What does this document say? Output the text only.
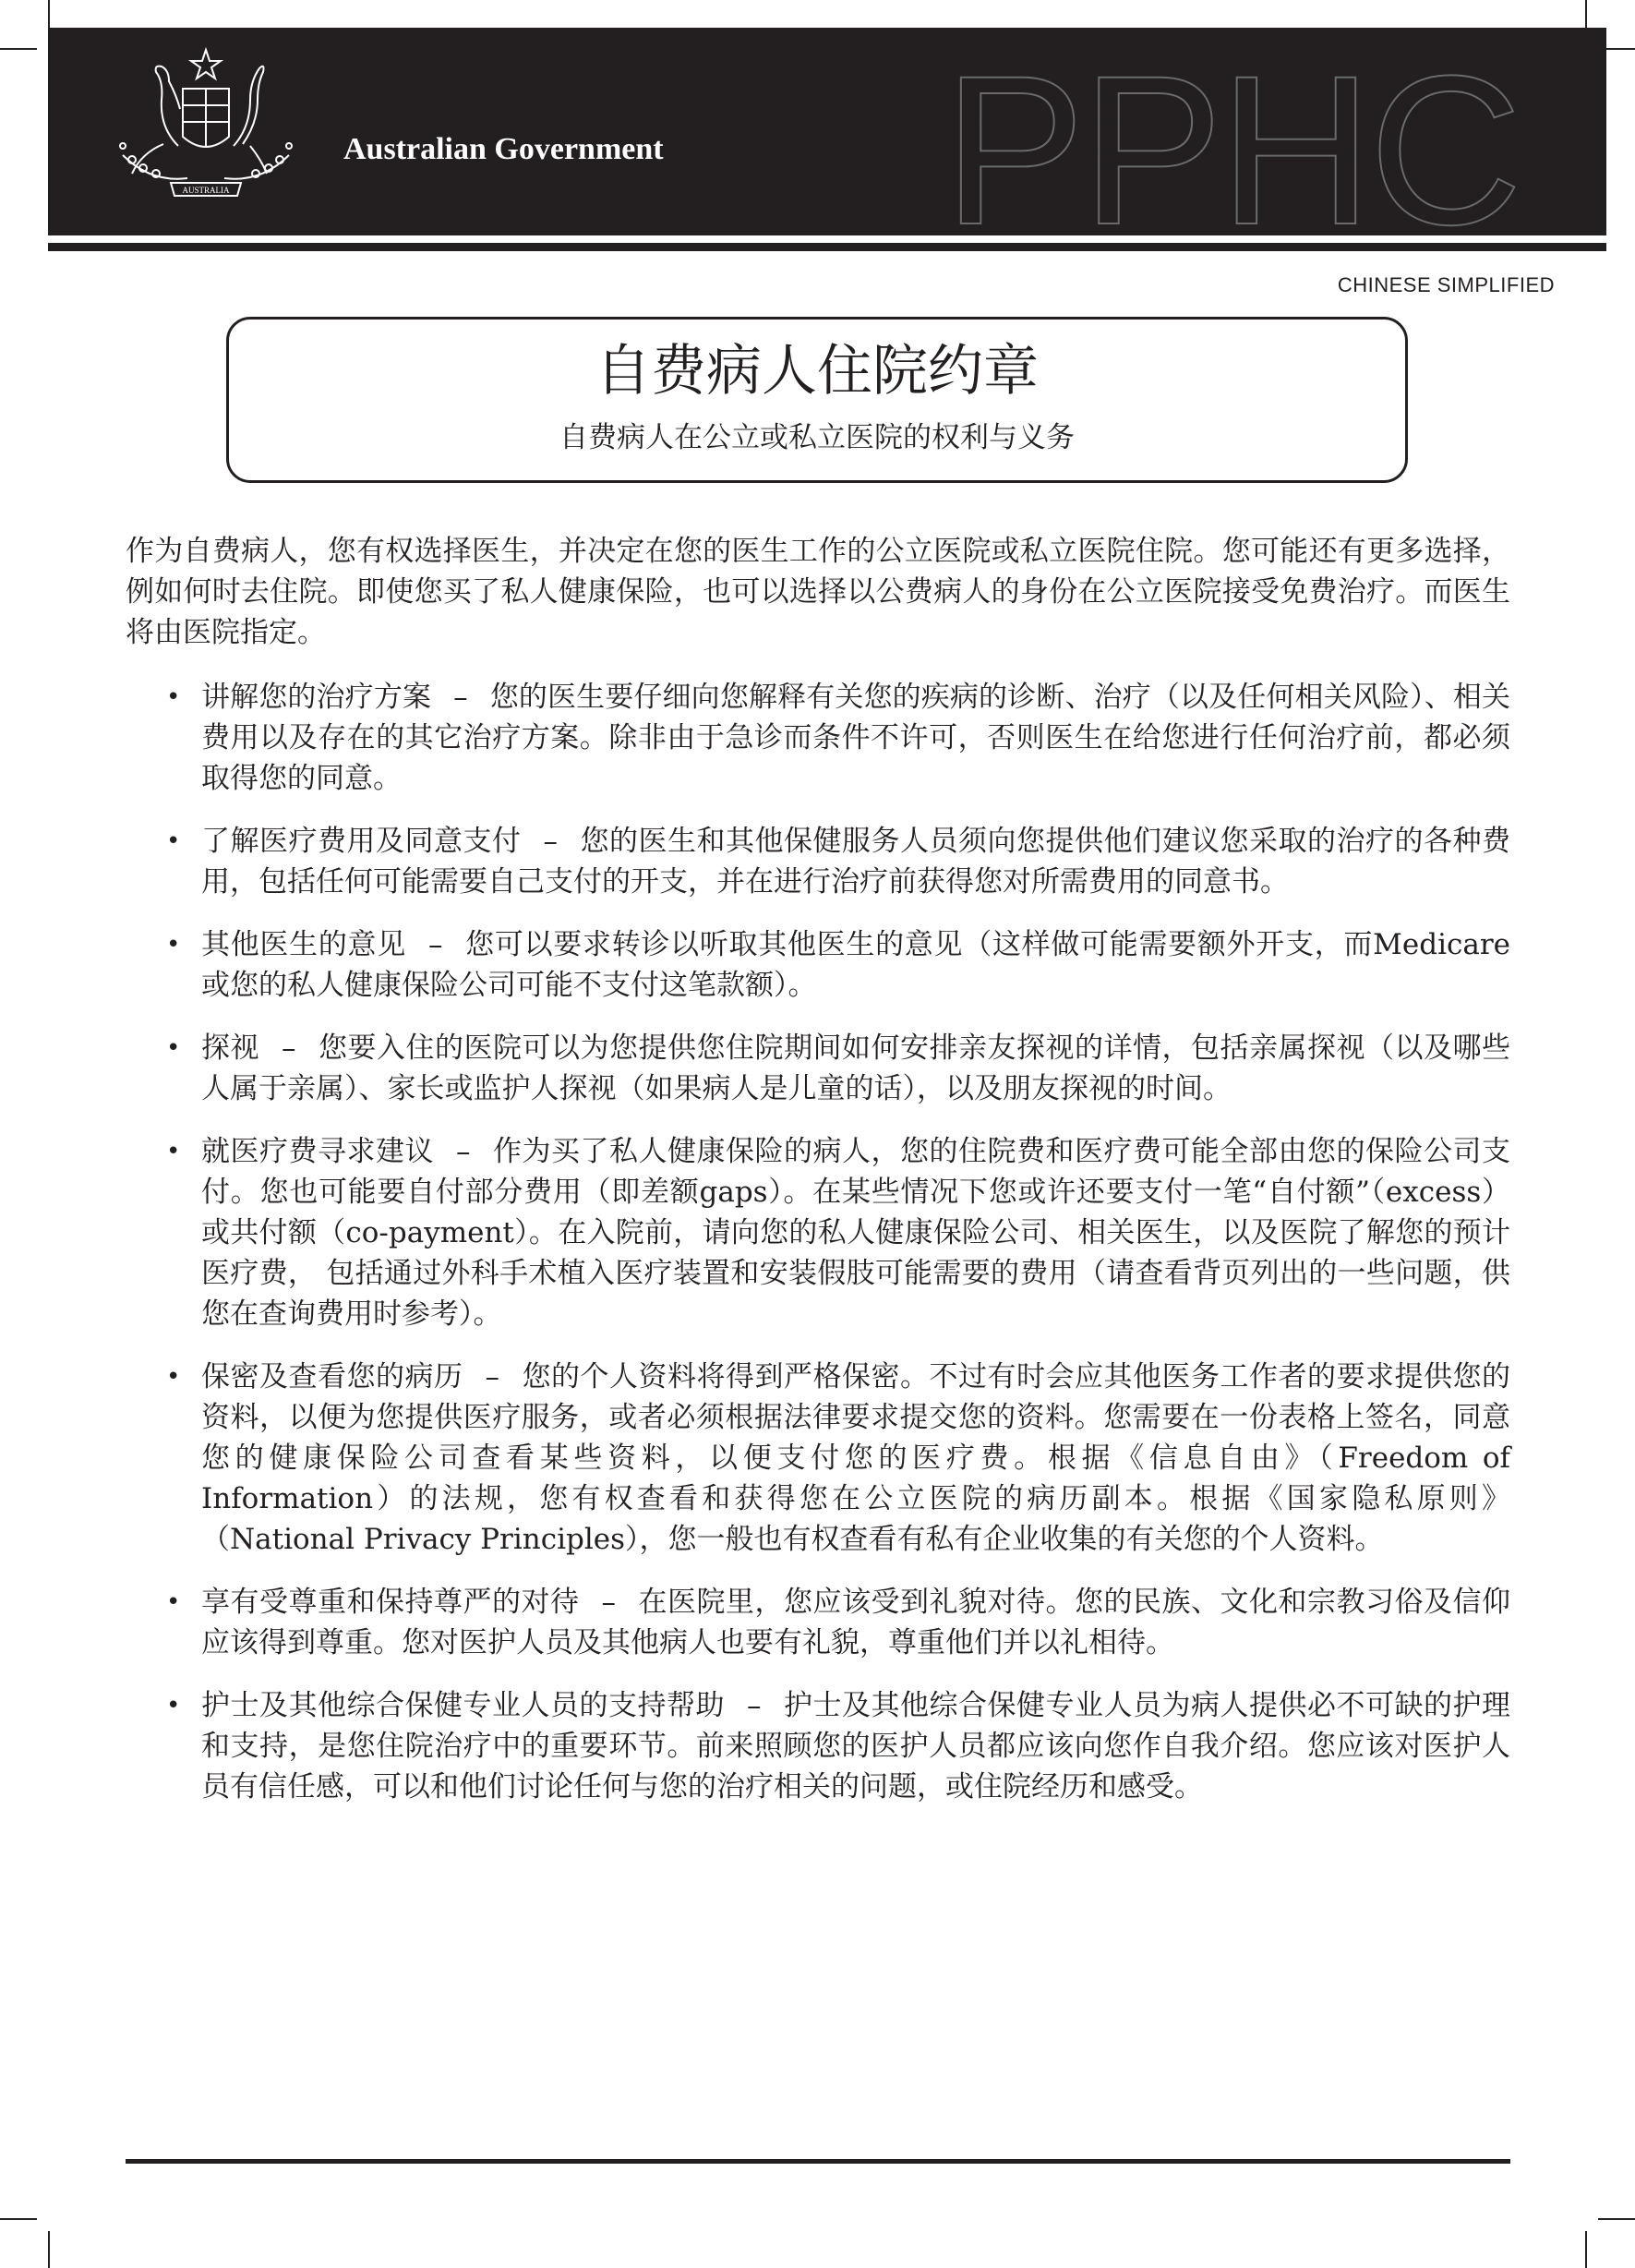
PPHC
AUSTRALIA
Australian Government
CHINESE SIMPLIFIED
自费病人住院约章
自费病人在公立或私立医院的权利与义务

作为自费病人，您有权选择医生，并决定在您的医生工作的公立医院或私立医院住院。您可能还有更多选择，例如何时去住院。即使您买了私人健康保险，也可以选择以公费病人的身份在公立医院接受免费治疗。而医生将由医院指定。

• 讲解您的治疗方案 – 您的医生要仔细向您解释有关您的疾病的诊断、治疗（以及任何相关风险）、相关费用以及存在的其它治疗方案。除非由于急诊而条件不许可，否则医生在给您进行任何治疗前，都必须取得您的同意。
• 了解医疗费用及同意支付 – 您的医生和其他保健服务人员须向您提供他们建议您采取的治疗的各种费用，包括任何可能需要自己支付的开支，并在进行治疗前获得您对所需费用的同意书。
• 其他医生的意见 – 您可以要求转诊以听取其他医生的意见（这样做可能需要额外开支，而Medicare或您的私人健康保险公司可能不支付这笔款额）。
• 探视 – 您要入住的医院可以为您提供您住院期间如何安排亲友探视的详情，包括亲属探视（以及哪些人属于亲属）、家长或监护人探视（如果病人是儿童的话），以及朋友探视的时间。
• 就医疗费寻求建议 – 作为买了私人健康保险的病人，您的住院费和医疗费可能全部由您的保险公司支付。您也可能要自付部分费用（即差额gaps）。在某些情况下您或许还要支付一笔“自付额”（excess）或共付额（co-payment）。在入院前，请向您的私人健康保险公司、相关医生，以及医院了解您的预计医疗费， 包括通过外科手术植入医疗装置和安装假肢可能需要的费用（请查看背页列出的一些问题，供您在查询费用时参考）。
• 保密及查看您的病历 – 您的个人资料将得到严格保密。不过有时会应其他医务工作者的要求提供您的资料，以便为您提供医疗服务，或者必须根据法律要求提交您的资料。您需要在一份表格上签名，同意您的健康保险公司查看某些资料，以便支付您的医疗费。根据《信息自由》（Freedom of Information）的法规，您有权查看和获得您在公立医院的病历副本。根据《国家隐私原则》（National Privacy Principles），您一般也有权查看有私有企业收集的有关您的个人资料。
• 享有受尊重和保持尊严的对待 – 在医院里，您应该受到礼貌对待。您的民族、文化和宗教习俗及信仰应该得到尊重。您对医护人员及其他病人也要有礼貌，尊重他们并以礼相待。
• 护士及其他综合保健专业人员的支持帮助 – 护士及其他综合保健专业人员为病人提供必不可缺的护理和支持，是您住院治疗中的重要环节。前来照顾您的医护人员都应该向您作自我介绍。您应该对医护人员有信任感，可以和他们讨论任何与您的治疗相关的问题，或住院经历和感受。
